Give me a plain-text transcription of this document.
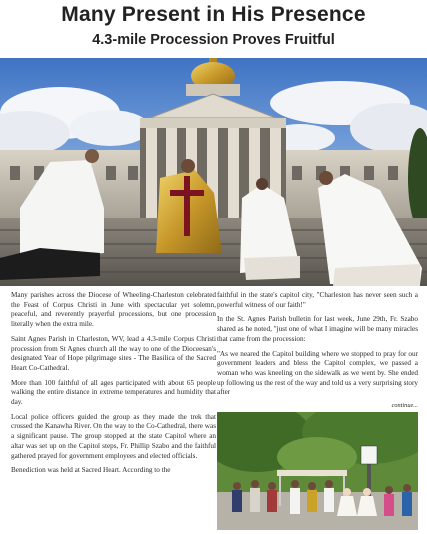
Many Present in His Presence
4.3-mile Procession Proves Fruitful

Many parishes across the Diocese of Wheeling-Charleston celebrated the Feast of Corpus Christi in June with spectacular yet solemn, peaceful, and reverently prayerful processions, but one procession literally when the extra mile.

Saint Agnes Parish in Charleston, WV, lead a 4.3-mile Corpus Christi procession from St Agnes church all the way to one of the Dioceesan's designated Year of Hope pilgrimage sites - The Basilica of the Sacred Heart Co-Cathedral.

More than 100 faithful of all ages participated with about 65 people walking the entire distance in extreme temperatures and humidity that day.

Local police officers guided the group as they made the trek that crossed the Kanawha River. On the way to the Co-Cathedral, there was a significant pause. The group stopped at the state Capitol where an altar was set up on the Capitol steps, Fr. Phillip Szabo and the faithful gathered prayed for government employees and elected officials.

Benediction was held at Sacred Heart. According to the

faithful in the state's capitol city, "Charleston has never seen such a powerful witness of our faith!"

In the St. Agnes Parish bulletin for last week, June 29th, Fr. Szabo shared as he noted, "just one of what I imagine will be many miracles that came from the procession:

"As we neared the Capitol building where we stopped to pray for our government leaders and bless the Capitol complex, we passed a woman who was kneeling on the sidewalk as we went by. She ended up following us the rest of the way and told us a very surprising story after

continue...
